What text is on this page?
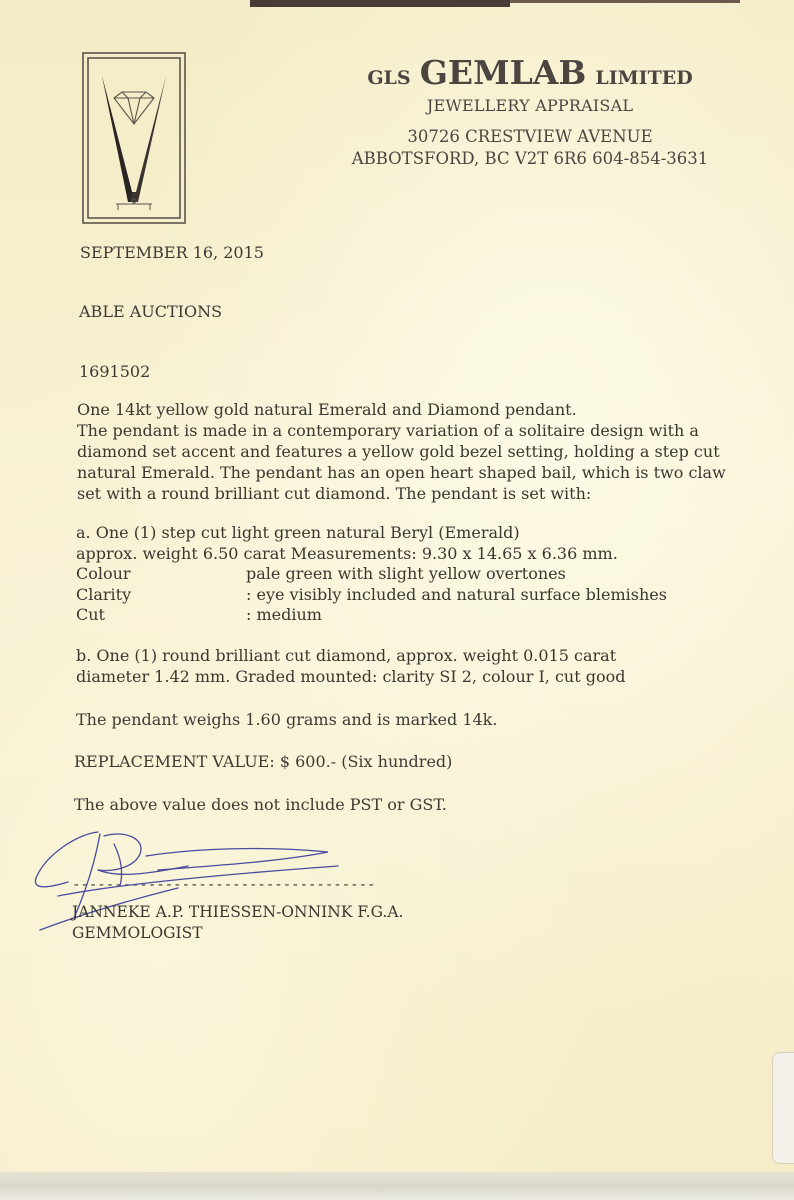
GLS GEMLAB LIMITED
JEWELLERY APPRAISAL
30726 CRESTVIEW AVENUE
ABBOTSFORD, BC V2T 6R6 604-854-3631
SEPTEMBER 16, 2015
ABLE AUCTIONS
1691502
One 14kt yellow gold natural Emerald and Diamond pendant.
The pendant is made in a contemporary variation of a solitaire design with a
diamond set accent and features a yellow gold bezel setting, holding a step cut
natural Emerald. The pendant has an open heart shaped bail, which is two claw
set with a round brilliant cut diamond. The pendant is set with:
a. One (1) step cut light green natural Beryl (Emerald)
approx. weight 6.50 carat Measurements: 9.30 x 14.65 x 6.36 mm.
Colour	pale green with slight yellow overtones
Clarity	: eye visibly included and natural surface blemishes
Cut	: medium
b. One (1) round brilliant cut diamond, approx. weight 0.015 carat
diameter 1.42 mm. Graded mounted: clarity SI 2, colour I, cut good
The pendant weighs 1.60 grams and is marked 14k.
REPLACEMENT VALUE: $ 600.- (Six hundred)
The above value does not include PST or GST.
------------------------------------
JANNEKE A.P. THIESSEN-ONNINK F.G.A.
GEMMOLOGIST
